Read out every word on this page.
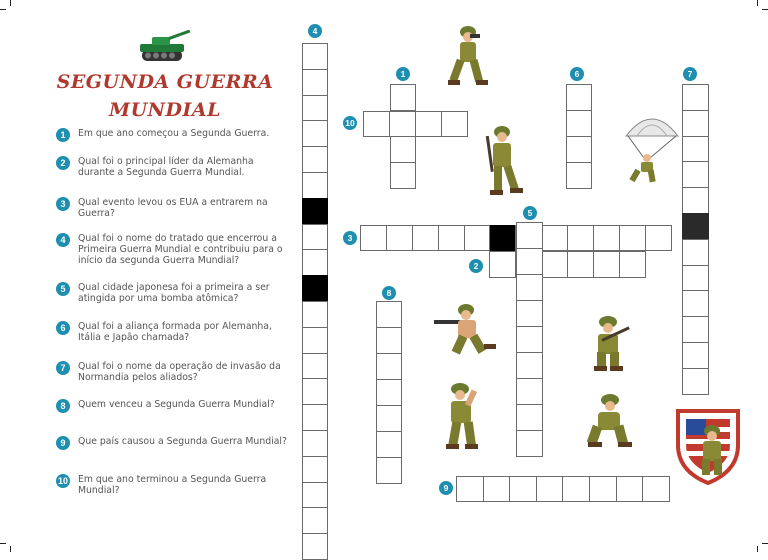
SEGUNDA GUERRA
MUNDIAL
1	Em que ano começou a Segunda Guerra.
2	Qual foi o principal líder da Alemanha durante a Segunda Guerra Mundial.
3	Qual evento levou os EUA a entrarem na Guerra?
4	Qual foi o nome do tratado que encerrou a Primeira Guerra Mundial e contribuiu para o início da segunda Guerra Mundial?
5	Qual cidade japonesa foi a primeira a ser atingida por uma bomba atômica?
6	Qual foi a aliança formada por Alemanha, Itália e Japão chamada?
7	Qual foi o nome da operação de invasão da Normandia pelos aliados?
8	Quem venceu a Segunda Guerra Mundial?
9	Que país causou a Segunda Guerra Mundial?
10 Em que ano terminou a Segunda Guerra Mundial?
4
1	6	7
10
5
3
2
8
9
